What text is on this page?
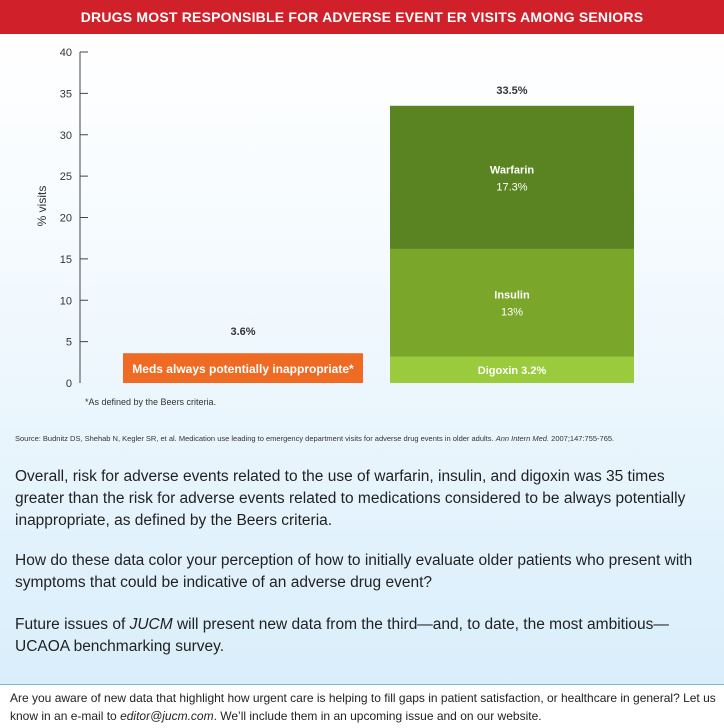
DRUGS MOST RESPONSIBLE FOR ADVERSE EVENT ER VISITS AMONG SENIORS
0
5
10
15
20
25
30
35
40
% visits
Meds always potentially inappropriate*
3.6%
Digoxin 3.2%
Insulin
13%
Warfarin
17.3%
33.5%
*As defined by the Beers criteria.
Source: Budnitz DS, Shehab N, Kegler SR, et al. Medication use leading to emergency department visits for adverse drug events in older adults. Ann Intern Med. 2007;147:755-765.

Overall, risk for adverse events related to the use of warfarin, insulin, and digoxin was 35 times greater than the risk for adverse events related to medications considered to be always potentially inappropriate, as defined by the Beers criteria.

How do these data color your perception of how to initially evaluate older patients who present with symptoms that could be indicative of an adverse drug event?

Future issues of JUCM will present new data from the third—and, to date, the most ambitious—UCAOA benchmarking survey.

Are you aware of new data that highlight how urgent care is helping to fill gaps in patient satisfaction, or healthcare in general? Let us know in an e-mail to editor@jucm.com. We’ll include them in an upcoming issue and on our website.
